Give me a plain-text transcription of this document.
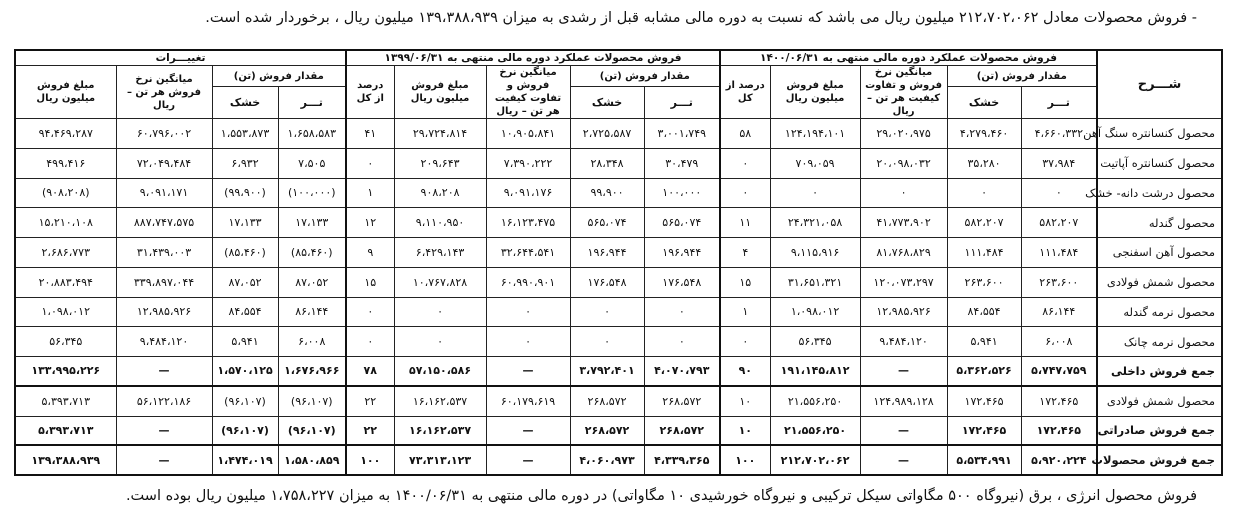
- فروش محصولات معادل ۲۱۲،۷۰۲،۰۶۲ میلیون ریال می باشد که نسبت به دوره مالی مشابه قبل از رشدی به میزان ۱۳۹،۳۸۸،۹۳۹ میلیون ریال ، برخوردار شده است.
شـــرح	فروش محصولات عملکرد دوره مالی منتهی به ۱۴۰۰/۰۶/۳۱					فروش محصولات عملکرد دوره مالی منتهی به ۱۳۹۹/۰۶/۳۱					تغییـــرات			
	مقدار فروش (تن)		میانگین نرخ فروش و تفاوت کیفیت هر تن – ریال	مبلغ فروش میلیون ریال	درصد از کل	مقدار فروش (تن)		میانگین نرخ فروش و تفاوت کیفیت هر تن – ریال	مبلغ فروش میلیون ریال	درصد از کل	مقدار فروش (تن)		میانگین نرخ فروش هر تن – ریال	مبلغ فروش میلیون ریال
	تـــر	خشک				تـــر	خشک				تـــر	خشک		
محصول کنسانتره سنگ آهن	۴،۶۶۰،۳۳۲	۴،۲۷۹،۴۶۰	۲۹،۰۲۰،۹۷۵	۱۲۴،۱۹۴،۱۰۱	۵۸	۳،۰۰۱،۷۴۹	۲،۷۲۵،۵۸۷	۱۰،۹۰۵،۸۴۱	۲۹،۷۲۴،۸۱۴	۴۱	۱،۶۵۸،۵۸۳	۱،۵۵۳،۸۷۳	۶۰،۷۹۶،۰۰۲	۹۴،۴۶۹،۲۸۷
محصول کنسانتره آپاتیت	۳۷،۹۸۴	۳۵،۲۸۰	۲۰،۰۹۸،۰۳۲	۷۰۹،۰۵۹	٠	۳۰،۴۷۹	۲۸،۳۴۸	۷،۳۹۰،۲۲۲	۲۰۹،۶۴۳	٠	۷،۵۰۵	۶،۹۳۲	۷۲،۰۴۹،۴۸۴	۴۹۹،۴۱۶
محصول درشت دانه- خشک	٠	٠	٠	٠	٠	۱۰۰،۰۰۰	۹۹،۹۰۰	۹،۰۹۱،۱۷۶	۹۰۸،۲۰۸	۱	(۱۰۰،۰۰۰)	(۹۹،۹۰۰)	۹،۰۹۱،۱۷۱	(۹۰۸،۲۰۸)
محصول گندله	۵۸۲،۲۰۷	۵۸۲،۲۰۷	۴۱،۷۷۳،۹۰۲	۲۴،۳۲۱،۰۵۸	۱۱	۵۶۵،۰۷۴	۵۶۵،۰۷۴	۱۶،۱۲۳،۴۷۵	۹،۱۱۰،۹۵۰	۱۲	۱۷،۱۳۳	۱۷،۱۳۳	۸۸۷،۷۴۷،۵۷۵	۱۵،۲۱۰،۱۰۸
محصول آهن اسفنجی	۱۱۱،۴۸۴	۱۱۱،۴۸۴	۸۱،۷۶۸،۸۲۹	۹،۱۱۵،۹۱۶	۴	۱۹۶،۹۴۴	۱۹۶،۹۴۴	۳۲،۶۴۴،۵۴۱	۶،۴۲۹،۱۴۳	۹	(۸۵،۴۶۰)	(۸۵،۴۶۰)	۳۱،۴۳۹،۰۰۳	۲،۶۸۶،۷۷۳
محصول شمش فولادی	۲۶۳،۶۰۰	۲۶۳،۶۰۰	۱۲۰،۰۷۳،۲۹۷	۳۱،۶۵۱،۳۲۱	۱۵	۱۷۶،۵۴۸	۱۷۶،۵۴۸	۶۰،۹۹۰،۹۰۱	۱۰،۷۶۷،۸۲۸	۱۵	۸۷،۰۵۲	۸۷،۰۵۲	۳۳۹،۸۹۷،۰۴۴	۲۰،۸۸۳،۴۹۴
محصول نرمه گندله	۸۶،۱۴۴	۸۴،۵۵۴	۱۲،۹۸۵،۹۲۶	۱،۰۹۸،۰۱۲	۱	٠	٠	٠	٠	٠	۸۶،۱۴۴	۸۴،۵۵۴	۱۲،۹۸۵،۹۲۶	۱،۰۹۸،۰۱۲
محصول نرمه چانک	۶،۰۰۸	۵،۹۴۱	۹،۴۸۴،۱۲۰	۵۶،۳۴۵	٠	٠	٠	٠	٠	٠	۶،۰۰۸	۵،۹۴۱	۹،۴۸۴،۱۲۰	۵۶،۳۴۵
جمع فروش داخلی	۵،۷۴۷،۷۵۹	۵،۳۶۲،۵۲۶	—	۱۹۱،۱۴۵،۸۱۲	۹۰	۴،۰۷۰،۷۹۳	۳،۷۹۲،۴۰۱	—	۵۷،۱۵۰،۵۸۶	۷۸	۱،۶۷۶،۹۶۶	۱،۵۷۰،۱۲۵	—	۱۳۳،۹۹۵،۲۲۶
محصول شمش فولادی	۱۷۲،۴۶۵	۱۷۲،۴۶۵	۱۲۴،۹۸۹،۱۲۸	۲۱،۵۵۶،۲۵۰	۱۰	۲۶۸،۵۷۲	۲۶۸،۵۷۲	۶۰،۱۷۹،۶۱۹	۱۶،۱۶۲،۵۳۷	۲۲	(۹۶،۱۰۷)	(۹۶،۱۰۷)	۵۶،۱۲۲،۱۸۶	۵،۳۹۳،۷۱۳
جمع فروش صادراتی	۱۷۲،۴۶۵	۱۷۲،۴۶۵	—	۲۱،۵۵۶،۲۵۰	۱۰	۲۶۸،۵۷۲	۲۶۸،۵۷۲	—	۱۶،۱۶۲،۵۳۷	۲۲	(۹۶،۱۰۷)	(۹۶،۱۰۷)	—	۵،۳۹۳،۷۱۳
جمع فروش محصولات	۵،۹۲۰،۲۲۴	۵،۵۳۴،۹۹۱	—	۲۱۲،۷۰۲،۰۶۲	۱۰۰	۴،۳۳۹،۳۶۵	۴،۰۶۰،۹۷۳	—	۷۳،۳۱۳،۱۲۳	۱۰۰	۱،۵۸۰،۸۵۹	۱،۴۷۴،۰۱۹	—	۱۳۹،۳۸۸،۹۳۹
فروش محصول انرژی ، برق (نیروگاه ۵۰۰ مگاواتی سیکل ترکیبی و نیروگاه خورشیدی ۱۰ مگاواتی) در دوره مالی منتهی به ۱۴۰۰/۰۶/۳۱ به میزان ۱،۷۵۸،۲۲۷ میلیون ریال بوده است.
